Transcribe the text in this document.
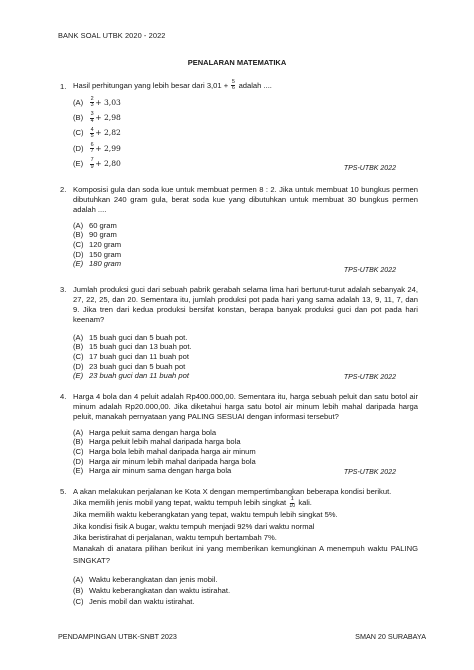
BANK SOAL UTBK 2020 - 2022
PENALARAN MATEMATIKA
1. Hasil perhitungan yang lebih besar dari $3,01 + \frac{5}{6}$ adalah ....
(A)	$\frac{2}{3} + 3,03$
(B)	$\frac{3}{4} + 2,98$
(C)	$\frac{4}{5} + 2,82$
(D)	$\frac{6}{7} + 2,99$
(E)	$\frac{7}{9} + 2,80$
TPS-UTBK 2022
2. Komposisi gula dan soda kue untuk membuat permen 8 : 2. Jika untuk membuat 10 bungkus permen dibutuhkan 240 gram gula, berat soda kue yang dibutuhkan untuk membuat 30 bungkus permen adalah ....
(A) 60 gram
(B) 90 gram
(C) 120 gram
(D) 150 gram
(E) 180 gram
TPS-UTBK 2022
3. Jumlah produksi guci dari sebuah pabrik gerabah selama lima hari berturut-turut adalah sebanyak 24, 27, 22, 25, dan 20. Sementara itu, jumlah produksi pot pada hari yang sama adalah 13, 9, 11, 7, dan 9. Jika tren dari kedua produksi bersifat konstan, berapa banyak produksi guci dan pot pada hari keenam?
(A) 15 buah guci dan 5 buah pot.
(B) 15 buah guci dan 13 buah pot.
(C) 17 buah guci dan 11 buah pot
(D) 23 buah guci dan 5 buah pot
(E) 23 buah guci dan 11 buah pot	TPS-UTBK 2022
4. Harga 4 bola dan 4 peluit adalah Rp400.000,00. Sementara itu, harga sebuah peluit dan satu botol air minum adalah Rp20.000,00. Jika diketahui harga satu botol air minum lebih mahal daripada harga peluit, manakah pernyataan yang PALING SESUAI dengan informasi tersebut?
(A) Harga peluit sama dengan harga bola
(B) Harga peluit lebih mahal daripada harga bola
(C) Harga bola lebih mahal daripada harga air minum
(D) Harga air minum lebih mahal daripada harga bola
(E) Harga air minum sama dengan harga bola	TPS-UTBK 2022
5. A akan melakukan perjalanan ke Kota X dengan mempertimbangkan beberapa kondisi berikut.
Jika memilih jenis mobil yang tepat, waktu tempuh lebih singkat $\frac{1}{10}$ kali.
Jika memilih waktu keberangkatan yang tepat, waktu tempuh lebih singkat 5%.
Jika kondisi fisik A bugar, waktu tempuh menjadi 92% dari waktu normal
Jika beristirahat di perjalanan, waktu tempuh bertambah 7%.
Manakah di anatara pilihan berikut ini yang memberikan kemungkinan A menempuh waktu PALING SINGKAT?
(A) Waktu keberangkatan dan jenis mobil.
(B) Waktu keberangkatan dan waktu istirahat.
(C) Jenis mobil dan waktu istirahat.
PENDAMPINGAN UTBK-SNBT 2023	SMAN 20 SURABAYA
